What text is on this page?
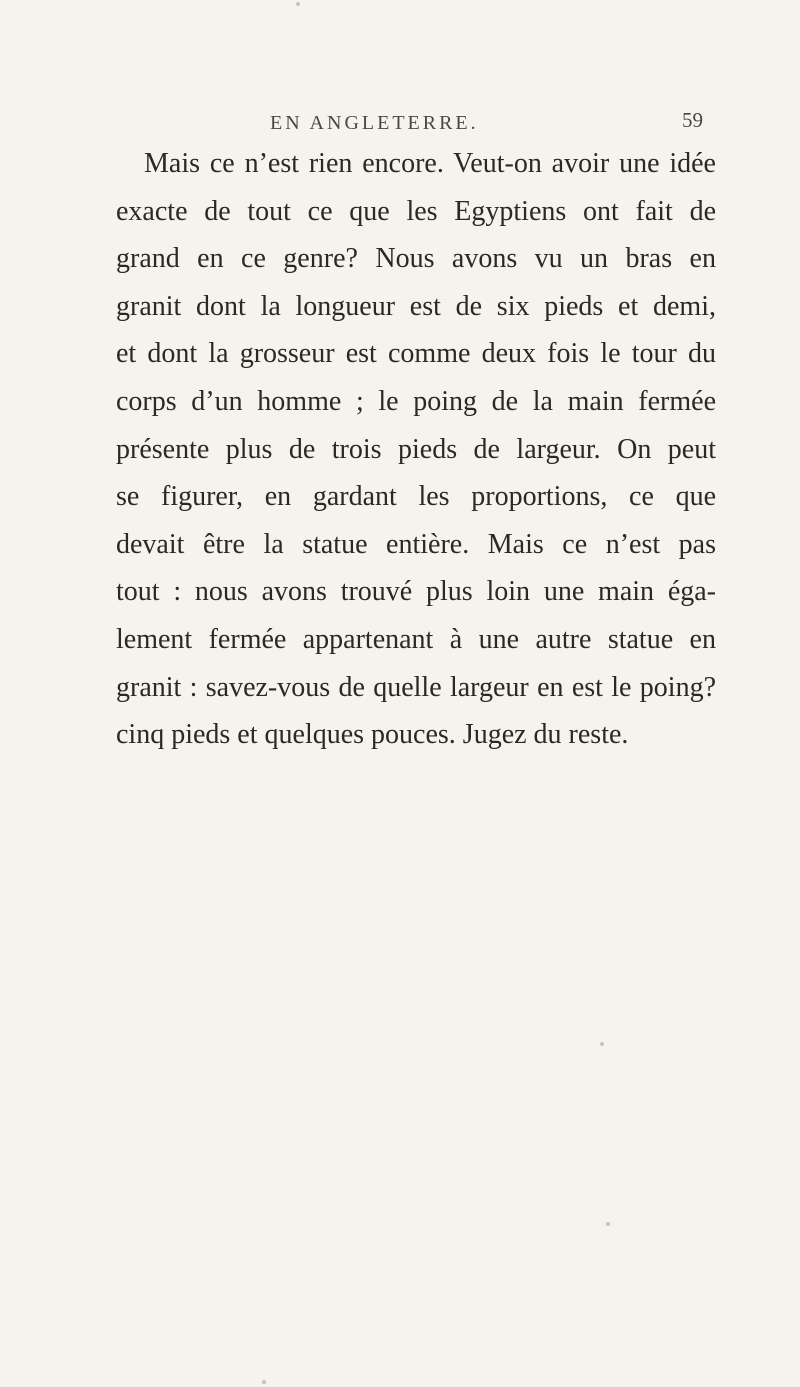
EN ANGLETERRE.	59
Mais ce n’est rien encore. Veut-on avoir une idée
exacte de tout ce que les Egyptiens ont fait de
grand en ce genre? Nous avons vu un bras en
granit dont la longueur est de six pieds et demi,
et dont la grosseur est comme deux fois le tour du
corps d’un homme ; le poing de la main fermée
présente plus de trois pieds de largeur. On peut
se figurer, en gardant les proportions, ce que
devait être la statue entière. Mais ce n’est pas
tout : nous avons trouvé plus loin une main éga-
lement fermée appartenant à une autre statue en
granit : savez-vous de quelle largeur en est le poing?
cinq pieds et quelques pouces. Jugez du reste.
